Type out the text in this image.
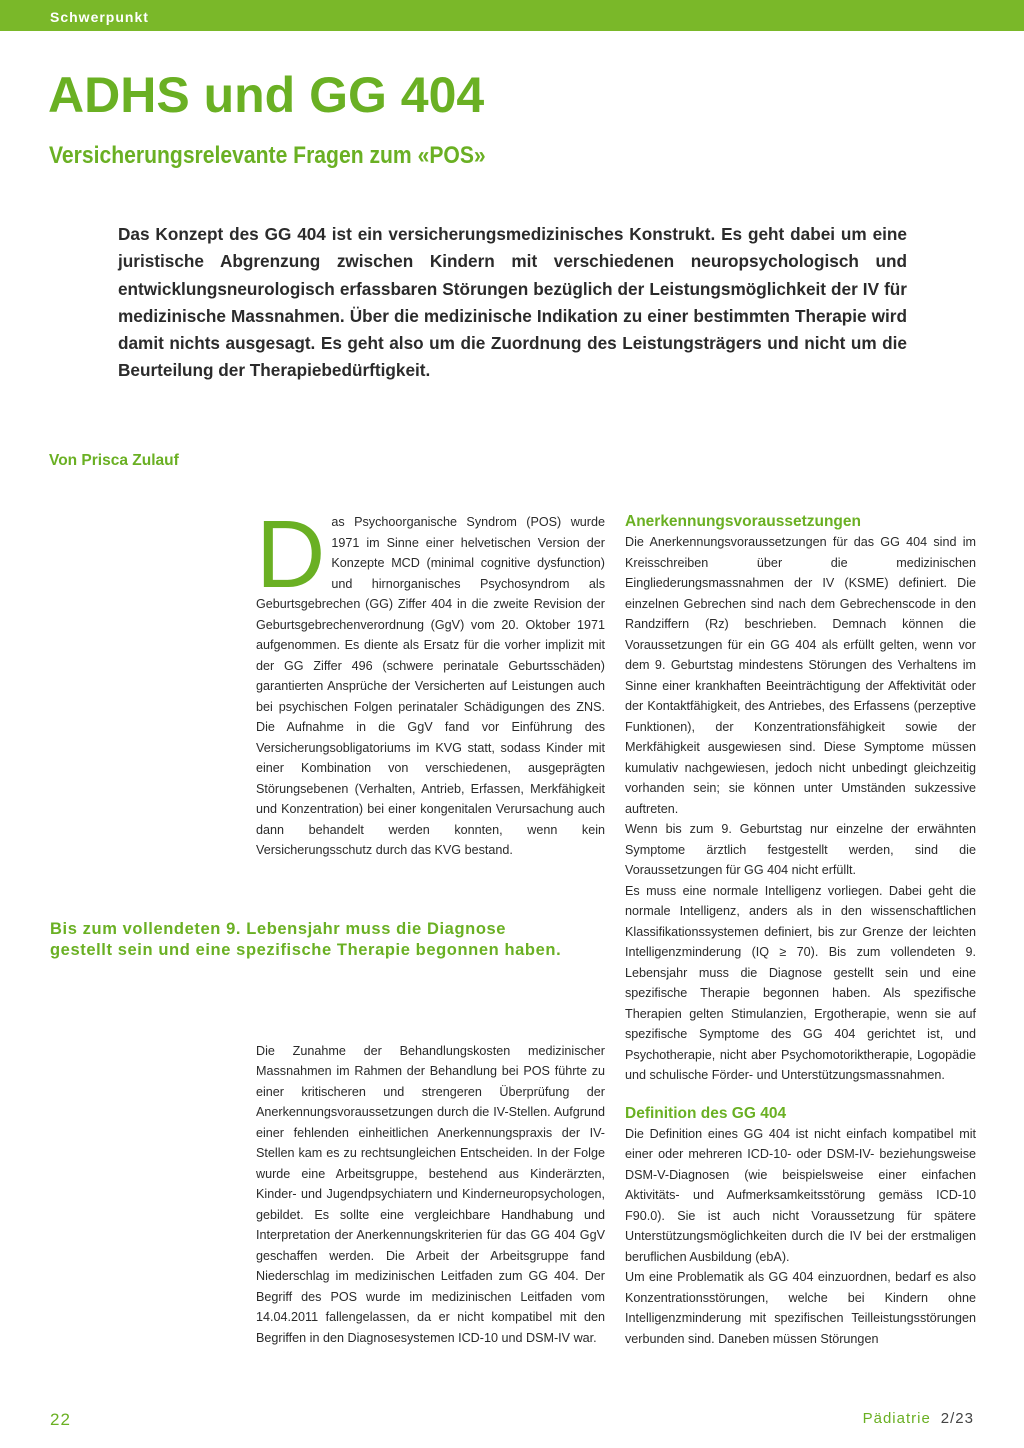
Schwerpunkt
ADHS und GG 404
Versicherungsrelevante Fragen zum «POS»

Das Konzept des GG 404 ist ein versicherungsmedizinisches Konstrukt. Es geht dabei um eine juristische Abgrenzung zwischen Kindern mit verschiedenen neuropsychologisch und entwicklungsneurologisch erfassbaren Störungen bezüglich der Leistungsmöglichkeit der IV für medizinische Massnahmen. Über die medizinische Indikation zu einer bestimmten Therapie wird damit nichts ausgesagt. Es geht also um die Zuordnung des Leistungsträgers und nicht um die Beurteilung der Therapiebedürftigkeit.

Von Prisca Zulauf
D as Psychoorganische Syndrom (POS) wurde 1971 im Sinne einer helvetischen Version der Konzepte MCD (minimal cognitive dysfunction) und hirnorganisches Psychosyndrom als Geburtsgebrechen (GG) Ziffer 404 in die zweite Revision der Geburtsgebrechenverordnung (GgV) vom 20. Oktober 1971 aufgenommen. Es diente als Ersatz für die vorher implizit mit der GG Ziffer 496 (schwere perinatale Geburtsschäden) garantierten Ansprüche der Versicherten auf Leistungen auch bei psychischen Folgen perinataler Schädigungen des ZNS. Die Aufnahme in die GgV fand vor Einführung des Versicherungsobligatoriums im KVG statt, sodass Kinder mit einer Kombination von verschiedenen, ausgeprägten Störungsebenen (Verhalten, Antrieb, Erfassen, Merkfähigkeit und Konzentration) bei einer kongenitalen Verursachung auch dann behandelt werden konnten, wenn kein Versicherungsschutz durch das KVG bestand.

Bis zum vollendeten 9. Lebensjahr muss die Diagnose gestellt sein und eine spezifische Therapie begonnen haben.

Die Zunahme der Behandlungskosten medizinischer Massnahmen im Rahmen der Behandlung bei POS führte zu einer kritischeren und strengeren Überprüfung der Anerkennungsvoraussetzungen durch die IV-Stellen. Aufgrund einer fehlenden einheitlichen Anerkennungspraxis der IV-Stellen kam es zu rechtsungleichen Entscheiden. In der Folge wurde eine Arbeitsgruppe, bestehend aus Kinderärzten, Kinder- und Jugendpsychiatern und Kinderneuropsychologen, gebildet. Es sollte eine vergleichbare Handhabung und Interpretation der Anerkennungskriterien für das GG 404 GgV geschaffen werden. Die Arbeit der Arbeitsgruppe fand Niederschlag im medizinischen Leitfaden zum GG 404. Der Begriff des POS wurde im medizinischen Leitfaden vom 14.04.2011 fallengelassen, da er nicht kompatibel mit den Begriffen in den Diagnosesystemen ICD-10 und DSM-IV war.

Anerkennungsvoraussetzungen

Die Anerkennungsvoraussetzungen für das GG 404 sind im Kreisschreiben über die medizinischen Eingliederungsmassnahmen der IV (KSME) definiert. Die einzelnen Gebrechen sind nach dem Gebrechenscode in den Randziffern (Rz) beschrieben. Demnach können die Voraussetzungen für ein GG 404 als erfüllt gelten, wenn vor dem 9. Geburtstag mindestens Störungen des Verhaltens im Sinne einer krankhaften Beeinträchtigung der Affektivität oder der Kontaktfähigkeit, des Antriebes, des Erfassens (perzeptive Funktionen), der Konzentrationsfähigkeit sowie der Merkfähigkeit ausgewiesen sind. Diese Symptome müssen kumulativ nachgewiesen, jedoch nicht unbedingt gleichzeitig vorhanden sein; sie können unter Umständen sukzessive auftreten.

Wenn bis zum 9. Geburtstag nur einzelne der erwähnten Symptome ärztlich festgestellt werden, sind die Voraussetzungen für GG 404 nicht erfüllt.

Es muss eine normale Intelligenz vorliegen. Dabei geht die normale Intelligenz, anders als in den wissenschaftlichen Klassifikationssystemen definiert, bis zur Grenze der leichten Intelligenzminderung (IQ ≥ 70). Bis zum vollendeten 9. Lebensjahr muss die Diagnose gestellt sein und eine spezifische Therapie begonnen haben. Als spezifische Therapien gelten Stimulanzien, Ergotherapie, wenn sie auf spezifische Symptome des GG 404 gerichtet ist, und Psychotherapie, nicht aber Psychomotoriktherapie, Logopädie und schulische Förder- und Unterstützungsmassnahmen.

Definition des GG 404

Die Definition eines GG 404 ist nicht einfach kompatibel mit einer oder mehreren ICD-10- oder DSM-IV- beziehungsweise DSM-V-Diagnosen (wie beispielsweise einer einfachen Aktivitäts- und Aufmerksamkeitsstörung gemäss ICD-10 F90.0). Sie ist auch nicht Voraussetzung für spätere Unterstützungsmöglichkeiten durch die IV bei der erstmaligen beruflichen Ausbildung (ebA).

Um eine Problematik als GG 404 einzuordnen, bedarf es also Konzentrationsstörungen, welche bei Kindern ohne Intelligenzminderung mit spezifischen Teilleistungsstörungen verbunden sind. Daneben müssen Störungen

22	Pädiatrie 2/23
